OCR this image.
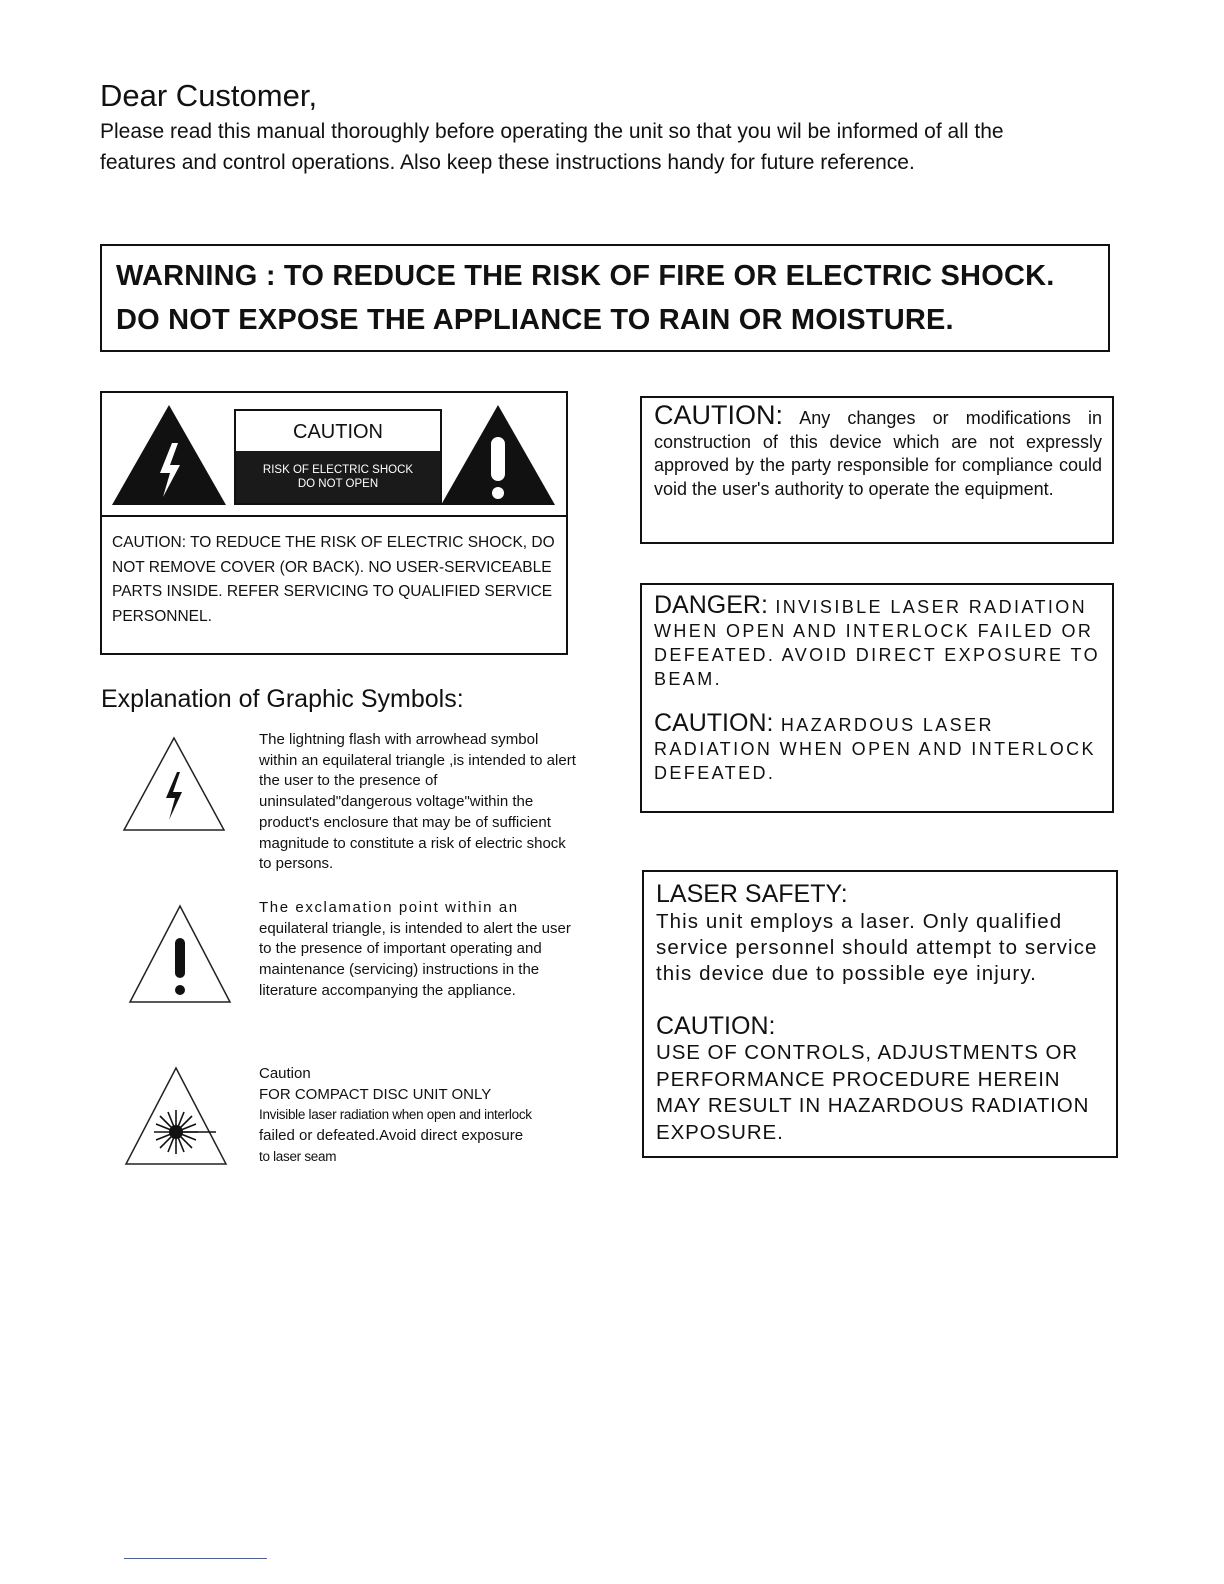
Dear Customer,
Please read this manual thoroughly before operating the unit so that you wil be informed of all the features and control operations. Also keep these instructions handy for future reference.
WARNING : TO REDUCE THE RISK OF FIRE OR ELECTRIC SHOCK.
DO NOT EXPOSE THE APPLIANCE TO RAIN OR MOISTURE.
CAUTION
RISK OF ELECTRIC SHOCK
DO NOT OPEN
CAUTION: TO REDUCE THE RISK OF ELECTRIC SHOCK, DO NOT REMOVE COVER (OR BACK). NO USER-SERVICEABLE PARTS INSIDE. REFER SERVICING TO QUALIFIED SERVICE PERSONNEL.
Explanation of Graphic Symbols:
The lightning flash with arrowhead symbol within an equilateral triangle ,is intended to alert the user to the presence of uninsulated"dangerous voltage"within the product's enclosure that may be of sufficient magnitude to constitute a risk of electric shock to persons.
The exclamation point within an equilateral triangle, is intended to alert the user to the presence of important operating and maintenance (servicing) instructions in the literature accompanying the appliance.
Caution
FOR COMPACT DISC UNIT ONLY
Invisible laser radiation when open and interlock
failed or defeated.Avoid direct exposure
to laser seam
CAUTION: Any changes or modifications in construction of this device which are not expressly approved by the party responsible for compliance could void the user's authority to operate the equipment.
DANGER: INVISIBLE LASER RADIATION WHEN OPEN AND INTERLOCK FAILED OR DEFEATED. AVOID DIRECT EXPOSURE TO BEAM.
CAUTION: HAZARDOUS LASER RADIATION WHEN OPEN AND INTERLOCK DEFEATED.
LASER SAFETY:
This unit employs a laser. Only qualified service personnel should attempt to service this device due to possible eye injury.
CAUTION:
USE OF CONTROLS, ADJUSTMENTS OR PERFORMANCE PROCEDURE HEREIN MAY RESULT IN HAZARDOUS RADIATION EXPOSURE.
